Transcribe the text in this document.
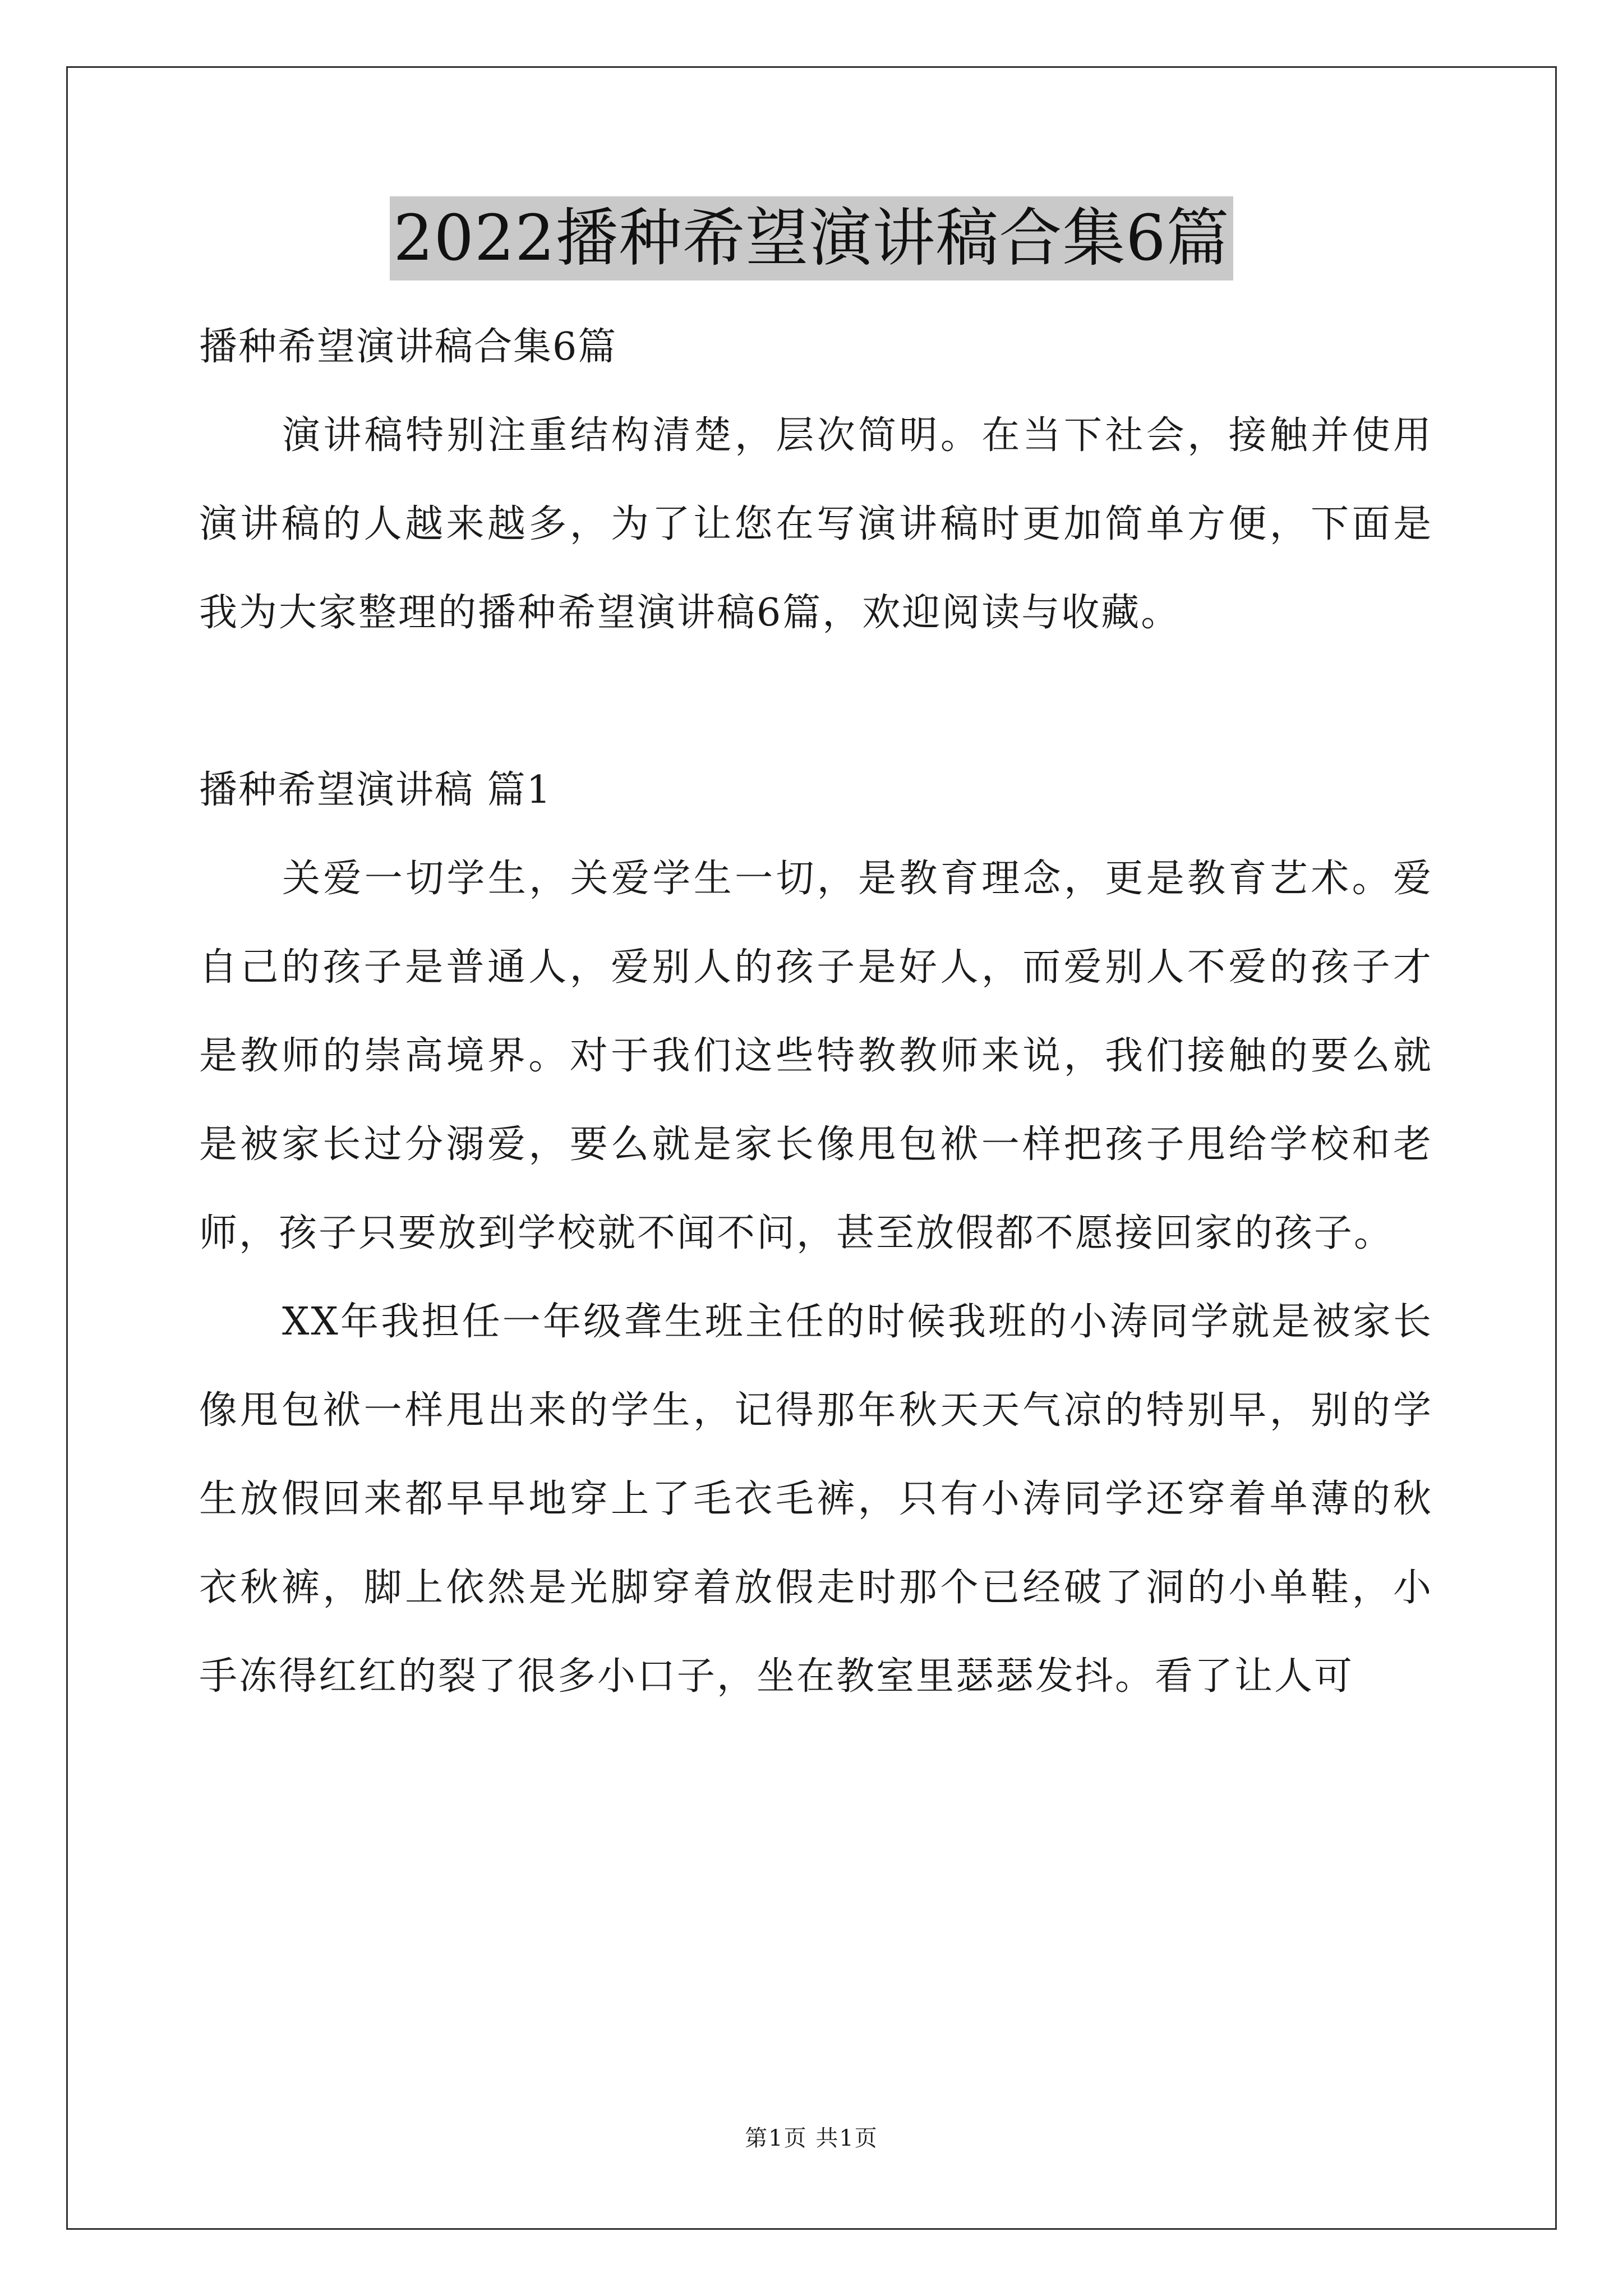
2022播种希望演讲稿合集6篇
播种希望演讲稿合集6篇

演讲稿特别注重结构清楚，层次简明。在当下社会，接触并使用演讲稿的人越来越多，为了让您在写演讲稿时更加简单方便，下面是我为大家整理的播种希望演讲稿6篇，欢迎阅读与收藏。

播种希望演讲稿 篇1

关爱一切学生，关爱学生一切，是教育理念，更是教育艺术。爱自己的孩子是普通人，爱别人的孩子是好人，而爱别人不爱的孩子才是教师的崇高境界。对于我们这些特教教师来说，我们接触的要么就是被家长过分溺爱，要么就是家长像甩包袱一样把孩子甩给学校和老师，孩子只要放到学校就不闻不问，甚至放假都不愿接回家的孩子。

XX年我担任一年级聋生班主任的时候我班的小涛同学就是被家长像甩包袱一样甩出来的学生，记得那年秋天天气凉的特别早，别的学生放假回来都早早地穿上了毛衣毛裤，只有小涛同学还穿着单薄的秋衣秋裤，脚上依然是光脚穿着放假走时那个已经破了洞的小单鞋，小手冻得红红的裂了很多小口子，坐在教室里瑟瑟发抖。看了让人可

第1页 共1页
